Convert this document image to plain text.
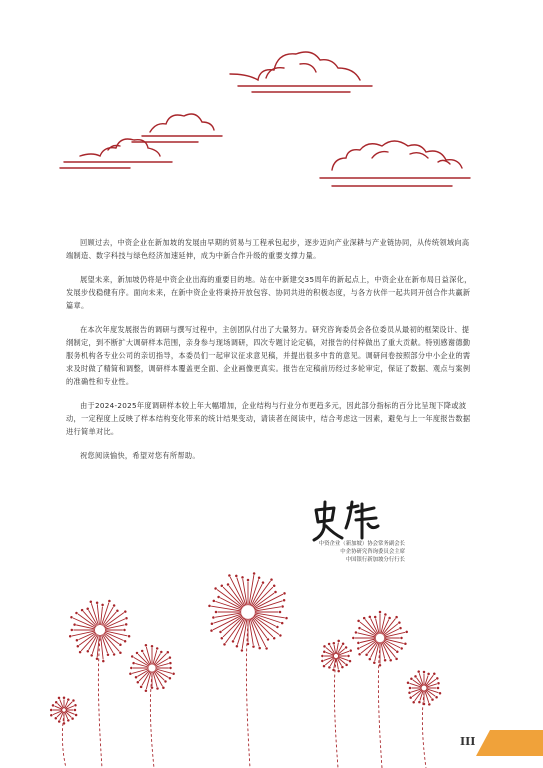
回顾过去，中资企业在新加坡的发展由早期的贸易与工程承包起步，逐步迈向产业深耕与产业链协同，从传统领域向高端制造、数字科技与绿色经济加速延伸，成为中新合作升级的重要支撑力量。

展望未来，新加坡仍将是中资企业出海的重要目的地。站在中新建交35周年的新起点上，中资企业在新布局日益深化，发展步伐稳健有序。面向未来，在新中资企业将秉持开放包容、协同共进的积极态度，与各方伙伴一起共同开创合作共赢新篇章。

在本次年度发展报告的调研与撰写过程中，主创团队付出了大量努力。研究咨询委员会各位委员从最初的框架设计、提纲制定，到不断扩大调研样本范围，亲身参与现场调研，四次专题讨论定稿，对报告的付梓做出了重大贡献。特别感谢德勤服务机构各专业公司的亲切指导，本委员们一起审议征求意见稿，并提出很多中肯的意见。调研问卷按照部分中小企业的需求及时做了精简和调整，调研样本覆盖更全面、企业画像更真实。报告在定稿前历经过多轮审定，保证了数据、观点与案例的准确性和专业性。

由于2024-2025年度调研样本较上年大幅增加，企业结构与行业分布更趋多元，因此部分指标的百分比呈现下降或波动，一定程度上反映了样本结构变化带来的统计结果变动，请读者在阅读中，结合考虑这一因素，避免与上一年度报告数据进行简单对比。

祝您阅读愉快，希望对您有所帮助。

中资企业（新加坡）协会常务副会长
中企协研究咨询委员会主席
中国银行新加坡分行行长
III
